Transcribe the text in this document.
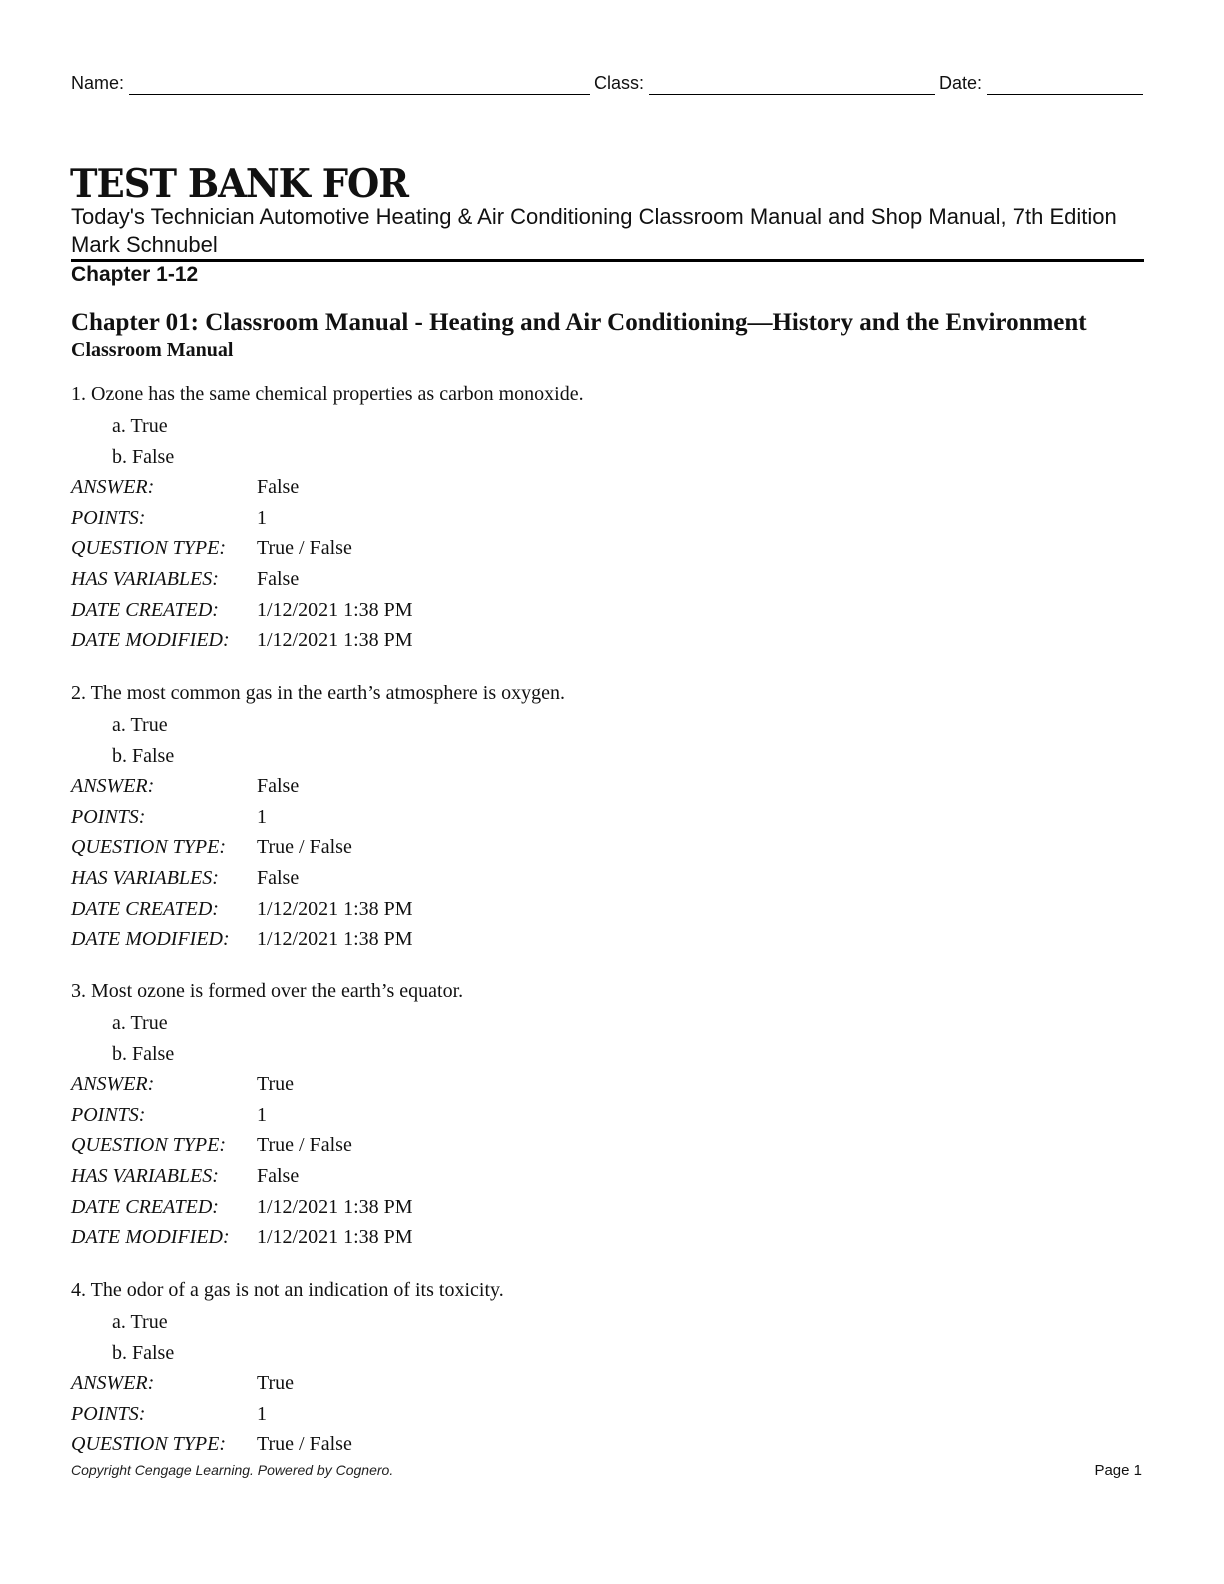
Name:	Class:	Date:
TEST BANK FOR
Today's Technician Automotive Heating & Air Conditioning Classroom Manual and Shop Manual, 7th Edition Mark Schnubel
Chapter 1-12
Chapter 01: Classroom Manual - Heating and Air Conditioning—History and the Environment
Classroom Manual
1. Ozone has the same chemical properties as carbon monoxide.
a. True
b. False
ANSWER:	False
POINTS:	1
QUESTION TYPE: True / False
HAS VARIABLES: False
DATE CREATED: 1/12/2021 1:38 PM
DATE MODIFIED: 1/12/2021 1:38 PM
2. The most common gas in the earth’s atmosphere is oxygen.
a. True
b. False
ANSWER:	False
POINTS:	1
QUESTION TYPE: True / False
HAS VARIABLES: False
DATE CREATED: 1/12/2021 1:38 PM
DATE MODIFIED: 1/12/2021 1:38 PM
3. Most ozone is formed over the earth’s equator.
a. True
b. False
ANSWER:	True
POINTS:	1
QUESTION TYPE: True / False
HAS VARIABLES: False
DATE CREATED: 1/12/2021 1:38 PM
DATE MODIFIED: 1/12/2021 1:38 PM
4. The odor of a gas is not an indication of its toxicity.
a. True
b. False
ANSWER:	True
POINTS:	1
QUESTION TYPE: True / False
Copyright Cengage Learning. Powered by Cognero.	Page 1
